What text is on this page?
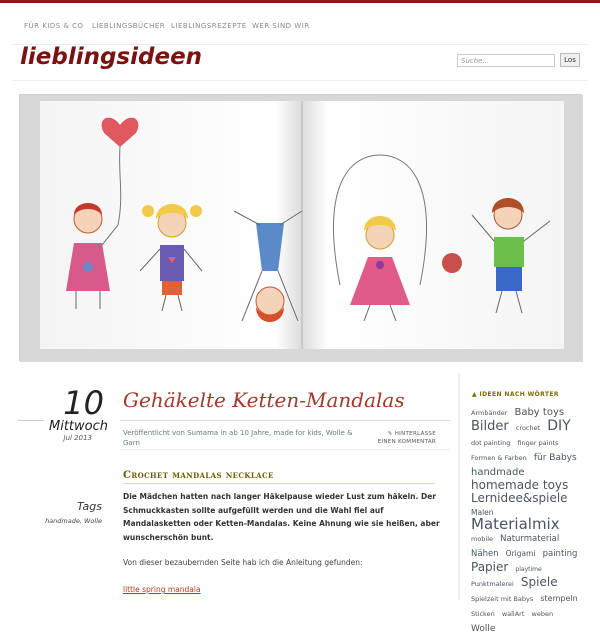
FÜR KIDS & CO LIEBLINGSBÜCHER LIEBLINGSREZEPTE WER SIND WIR
lieblingsideen
Suche...	Los
10
Mittwoch
Jul 2013
Tags
handmade, Wolle
Gehäkelte Ketten-Mandalas
Veröffentlicht von Sumama in ab 10 Jahre, made for kids, Wolle & Garn
✎ HINTERLASSE EINEN KOMMENTAR
Crochet mandalas necklace
Die Mädchen hatten nach langer Häkelpause wieder Lust zum häkeln. Der Schmuckkasten sollte aufgefüllt werden und die Wahl fiel auf Mandalasketten oder Ketten-Mandalas. Keine Ahnung wie sie heißen, aber wunscherschön bunt.
Von dieser bezaubernden Seite hab ich die Anleitung gefunden:
little spring mandala
▲ IDEEN NACH WÖRTER
Armbänder Baby toys Bilder crochet DIY dot painting finger paints Formen & Farben für Babys handmade homemade toys Lernidee&spiele Malen Materialmix mobile Naturmaterial Nähen Origami painting Papier playtime Punktmalerei Spiele Spielzeit mit Babys stempeln Sticken wallArt weben Wolle
